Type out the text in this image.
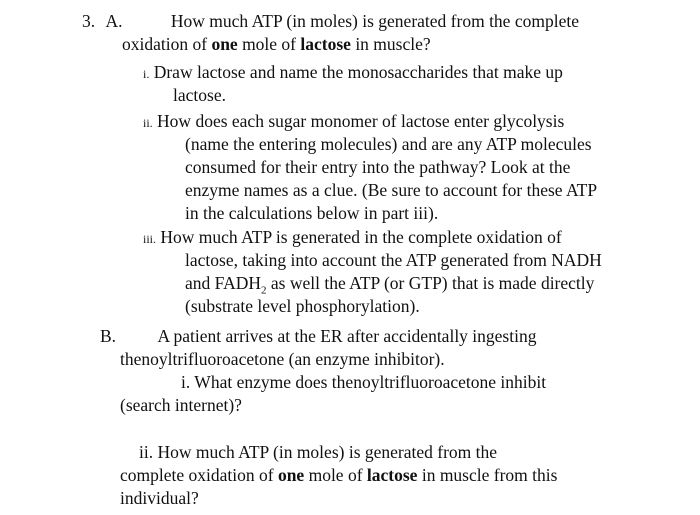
3. A.	How much ATP (in moles) is generated from the complete
oxidation of one mole of lactose in muscle?
i. Draw lactose and name the monosaccharides that make up
lactose.
ii. How does each sugar monomer of lactose enter glycolysis
(name the entering molecules) and are any ATP molecules
consumed for their entry into the pathway? Look at the
enzyme names as a clue. (Be sure to account for these ATP
in the calculations below in part iii).
iii. How much ATP is generated in the complete oxidation of
lactose, taking into account the ATP generated from NADH
and $FADH_2$ as well the ATP (or GTP) that is made directly
(substrate level phosphorylation).
B. A patient arrives at the ER after accidentally ingesting
thenoyltrifluoroacetone (an enzyme inhibitor).
i. What enzyme does thenoyltrifluoroacetone inhibit
(search internet)?
ii. How much ATP (in moles) is generated from the
complete oxidation of one mole of lactose in muscle from this
individual?
